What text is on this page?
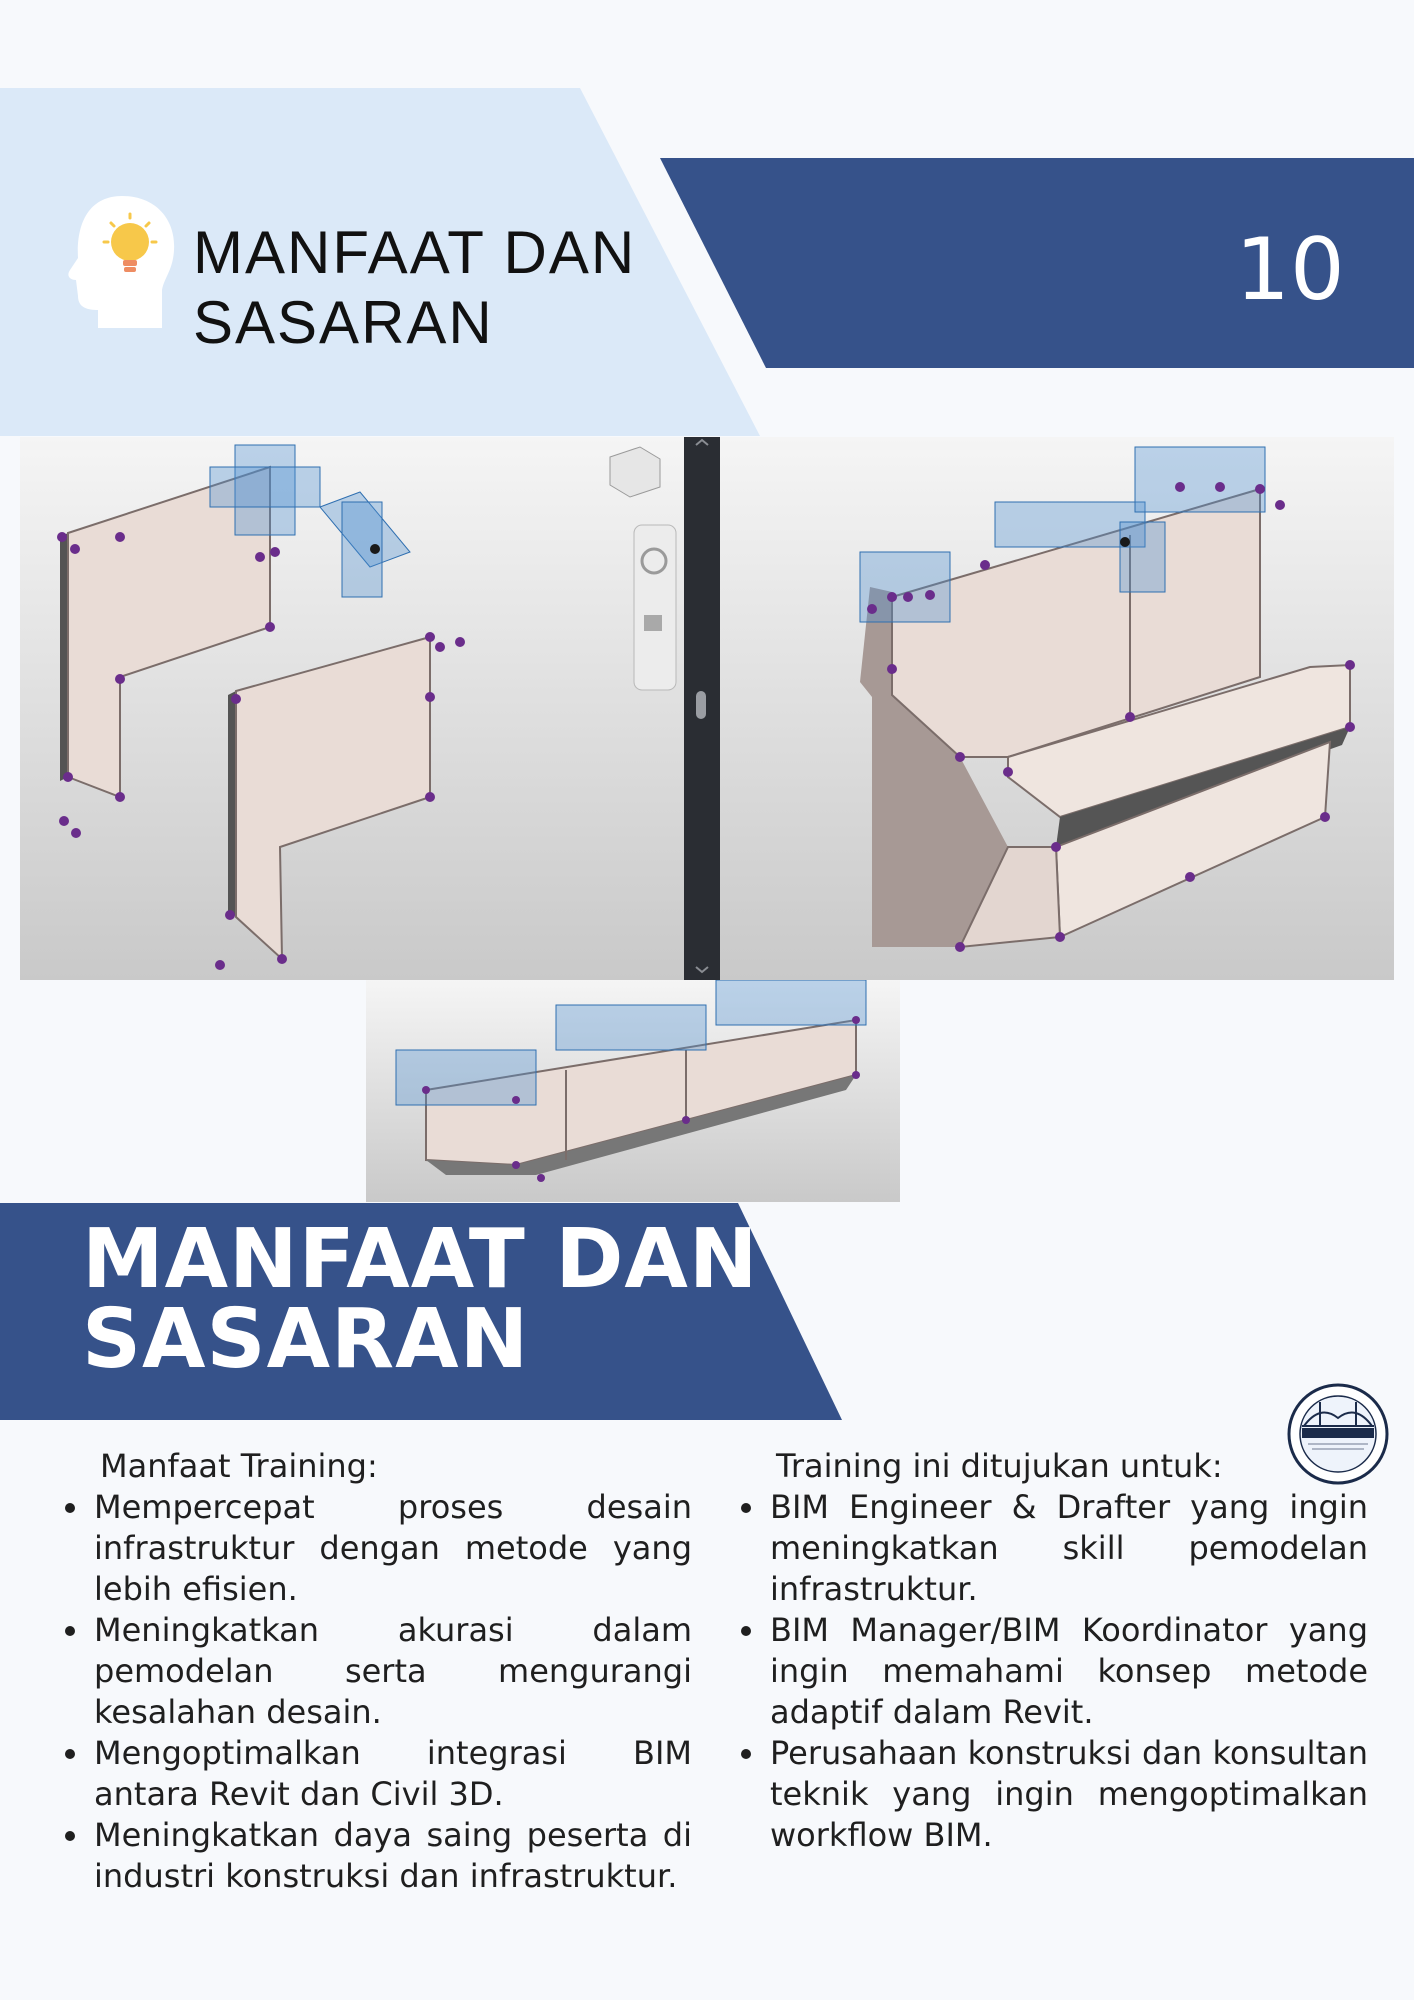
MANFAAT DAN
SASARAN
10
MANFAAT DAN
SASARAN
Manfaat Training:
• Mempercepat proses desain infrastruktur dengan metode yang lebih efisien.
• Meningkatkan akurasi dalam pemodelan serta mengurangi kesalahan desain.
• Mengoptimalkan integrasi BIM antara Revit dan Civil 3D.
• Meningkatkan daya saing peserta di industri konstruksi dan infrastruktur.
Training ini ditujukan untuk:
• BIM Engineer & Drafter yang ingin meningkatkan skill pemodelan infrastruktur.
• BIM Manager/BIM Koordinator yang ingin memahami konsep metode adaptif dalam Revit.
• Perusahaan konstruksi dan konsultan teknik yang ingin mengoptimalkan workflow BIM.
